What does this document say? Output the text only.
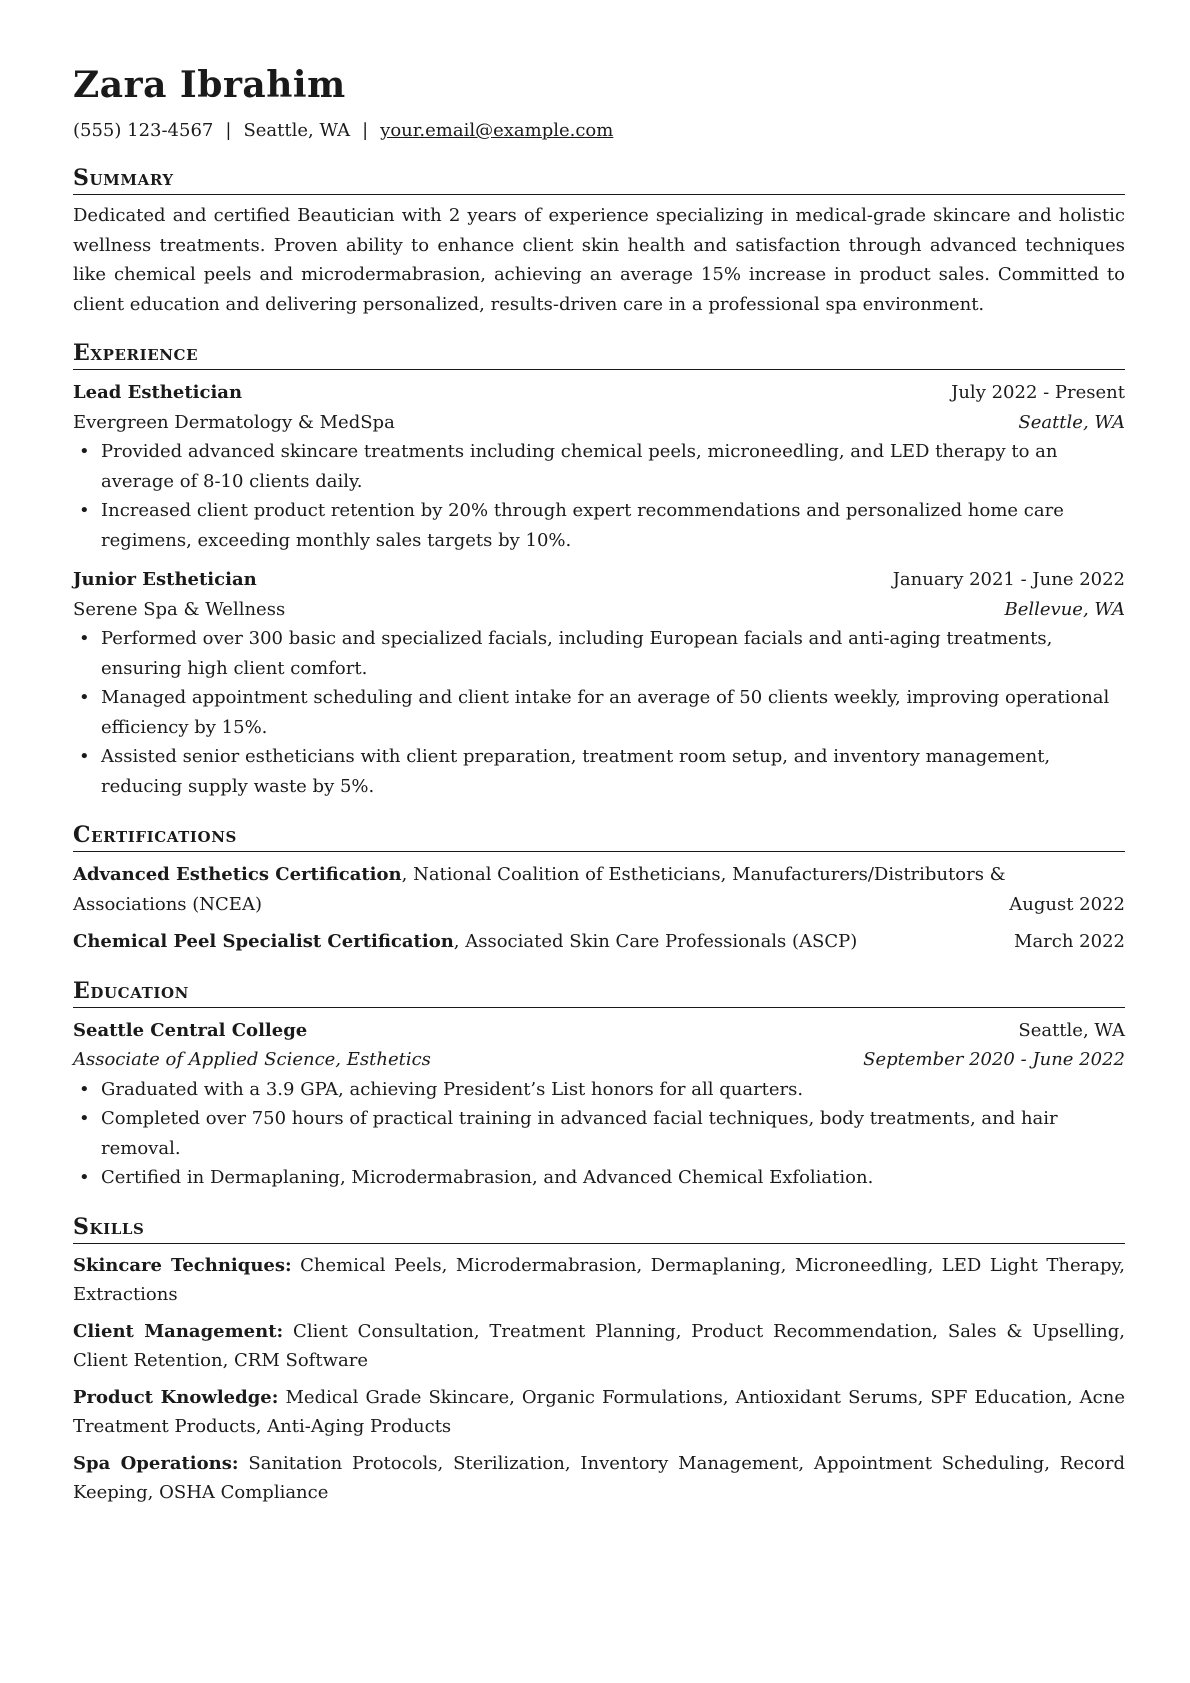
Zara Ibrahim
(555) 123-4567 | Seattle, WA | your.email@example.com
Summary
Dedicated and certified Beautician with 2 years of experience specializing in medical-grade skincare and holistic wellness treatments. Proven ability to enhance client skin health and satisfaction through advanced techniques like chemical peels and microdermabrasion, achieving an average 15% increase in product sales. Committed to client education and delivering personalized, results-driven care in a professional spa environment.
Experience
Lead Esthetician	July 2022 - Present
Evergreen Dermatology & MedSpa	Seattle, WA
• Provided advanced skincare treatments including chemical peels, microneedling, and LED therapy to an average of 8-10 clients daily.
• Increased client product retention by 20% through expert recommendations and personalized home care regimens, exceeding monthly sales targets by 10%.
Junior Esthetician	January 2021 - June 2022
Serene Spa & Wellness	Bellevue, WA
• Performed over 300 basic and specialized facials, including European facials and anti-aging treatments, ensuring high client comfort.
• Managed appointment scheduling and client intake for an average of 50 clients weekly, improving operational efficiency by 15%.
• Assisted senior estheticians with client preparation, treatment room setup, and inventory management, reducing supply waste by 5%.
Certifications
Advanced Esthetics Certification, National Coalition of Estheticians, Manufacturers/Distributors &
Associations (NCEA)	August 2022
Chemical Peel Specialist Certification, Associated Skin Care Professionals (ASCP)	March 2022
Education
Seattle Central College	Seattle, WA
Associate of Applied Science, Esthetics	September 2020 - June 2022
• Graduated with a 3.9 GPA, achieving President’s List honors for all quarters.
• Completed over 750 hours of practical training in advanced facial techniques, body treatments, and hair removal.
• Certified in Dermaplaning, Microdermabrasion, and Advanced Chemical Exfoliation.
Skills
Skincare Techniques: Chemical Peels, Microdermabrasion, Dermaplaning, Microneedling, LED Light Therapy, Extractions
Client Management: Client Consultation, Treatment Planning, Product Recommendation, Sales & Upselling, Client Retention, CRM Software
Product Knowledge: Medical Grade Skincare, Organic Formulations, Antioxidant Serums, SPF Education, Acne Treatment Products, Anti-Aging Products
Spa Operations: Sanitation Protocols, Sterilization, Inventory Management, Appointment Scheduling, Record Keeping, OSHA Compliance
